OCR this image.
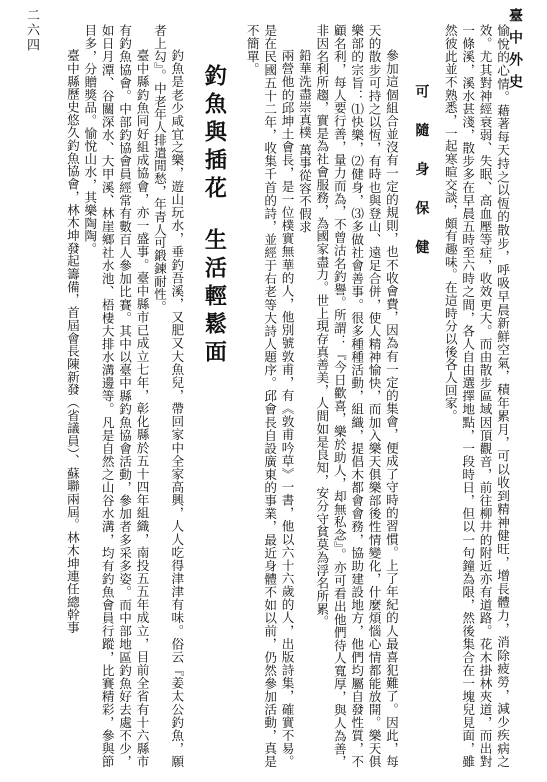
臺中外史
二六四	愉悅的心情。藉著每天持之以恆的散步，呼吸早晨新鮮空氣，積年累月，可以收到精神健旺，增長體力，消除疲勞，減少疾病之效。尤其對神經衰弱、失眠、高血壓等症，收效更大。而由散步區域因頂觀音，前往柳井的附近亦有道路。花木掛林夾道，而出對一條溪，溪水甚淺，散步多在早晨五時至六時之間，各人自由選擇地點，一段時日，但以一句鐘為限，然後集合在一塊兒見面，雖然彼此並不熟悉，一起寒暄交談，頗有趣味。在這時分以後各人回家。

可 隨 身 保 健

參加這個組合並沒有一定的規則，也不收會費，因為有一定的集會，便成了守時的習慣。上了年紀的人最喜犯難了。因此，每天的散步可持之以恆，有時也與登山、遠足合併，使人精神愉快，而加入樂天俱樂部後性情變化，什麼煩惱心情都能放開。樂天俱樂部的宗旨：⑴快樂，⑵健身，⑶多做社會善事。很多種種活動，組織，提倡木都會會務，協助建設地方，他們均屬自發性質，不顧名利，每人要行善，量力而為，不曾沽名釣譽。所謂：『今日歡喜，樂於助人，却無私念』。亦可看出他們待人寬厚，與人為善，非因名利所趨，實是為社會服務，為國家盡力。世上現存真善美，人間如是良知，安分守貧莫為浮名所累。

鉛華洗盡崇真樸 萬事從容不假求

兩營他的邱坤土會長，是一位樸實無華的人，他別號敦甫，有《敦甫吟草》一書，他以六十六歲的人，出版詩集，確實不易。是在民國五十二年，收集千首的詩，並經于右老等大詩人題序。邱會長自設廣東的事業，最近身體不如以前，仍然參加活動，真是不簡單。

釣魚與插花生活輕鬆面

釣魚是老少咸宜之樂，遊山玩水，垂釣吾溪，又肥又大魚兒，帶回家中全家高興，人人吃得津津有味。俗云『姜太公釣魚，願者上勾』。中老年人排遣閒愁，年青人可鍛鍊耐性。

臺中縣釣魚同好組成協會，亦一盛事。臺中縣市已成立七年，彰化縣於五十四年組織，南投五五年成立，目前全省有十六縣市有釣魚協會。中部釣協會員經常有數百人參加比賽。其中以臺中縣釣魚協會活動，參加者多采多姿。而中部地區釣魚好去處不少，如日月潭、谷關深水、大甲溪、林崖鄉社水池、梧棲大排水溝邊等。凡是自然之山谷水溝，均有釣魚會員行蹤，比賽精彩，參與節目多，分贈獎品。愉悅山水，其樂陶陶。

臺中縣歷史悠久釣魚協會，林木坤發起籌備，首屆會長陳新發（省議員）、蘇聯兩屆。林木坤連任總幹事
